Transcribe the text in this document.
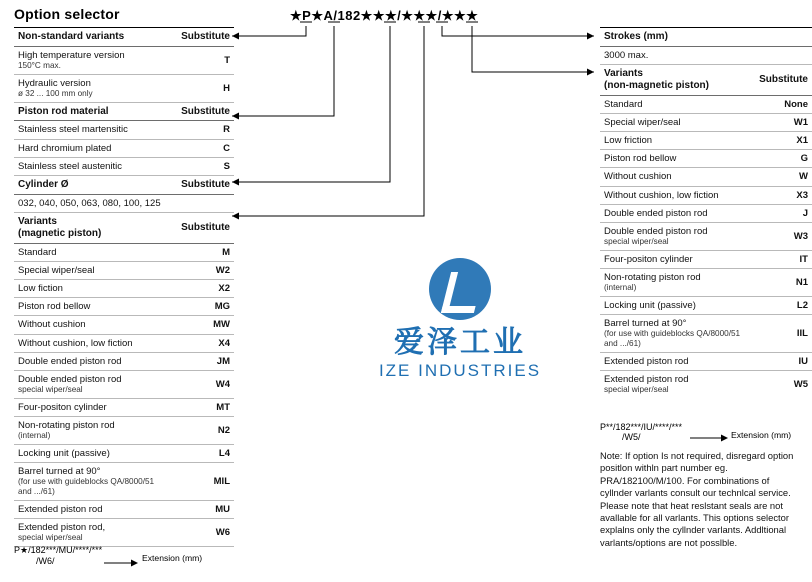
Option selector	★P★A/182★★★/★★★/★★★
Non-standard variants	Substitute
High temperature version
150°C max.	T
Hydraulic version
ø 32 ... 100 mm only	H
Piston rod material	Substitute
Stainless steel martensitic	R
Hard chromium plated	C
Stainless steel austenitic	S
Cylinder Ø	Substitute
032, 040, 050, 063, 080, 100, 125	
Variants
(magnetic piston)	Substitute
Standard	M
Special wiper/seal	W2
Low fiction	X2
Piston rod bellow	MG
Without cushion	MW
Without cushion, low fiction	X4
Double ended piston rod	JM
Double ended piston rod
special wiper/seal	W4
Four-positon cylinder	MT
Non-rotating piston rod
(internal)	N2
Locking unit (passive)	L4
Barrel turned at 90°
(for use with guideblocks QA/8000/51 and .../61)	MIL
Extended piston rod	MU
Extended piston rod,
special wiper/seal	W6
P★/182***/MU/****/***
/W6/	Extension (mm)
Strokes (mm)	
3000 max.	
Variants
(non-magnetic piston)	Substitute
Standard	None
Special wiper/seal	W1
Low friction	X1
Piston rod bellow	G
Without cushion	W
Without cushion, low fiction	X3
Double ended piston rod	J
Double ended piston rod
special wiper/seal	W3
Four-positon cylinder	IT
Non-rotating piston rod
(internal)	N1
Locking unit (passive)	L2
Barrel turned at 90°
(for use with guideblocks QA/8000/51 and .../61)	IIL
Extended piston rod	IU
Extended piston rod
special wiper/seal	W5
P**/182***/IU/****/***
/W5/	Extension (mm)
Note: If option Is not required, disregard option positlon withln part number eg. PRA/182100/M/100. For combinations of cyllnder varlants consult our technlcal service. Please note that heat reslstant seals are not avallable for all varlants. This options selector explalns only the cyllnder varlants. Addltional varlants/options are not posslble.
爱泽工业
IZE INDUSTRIES
